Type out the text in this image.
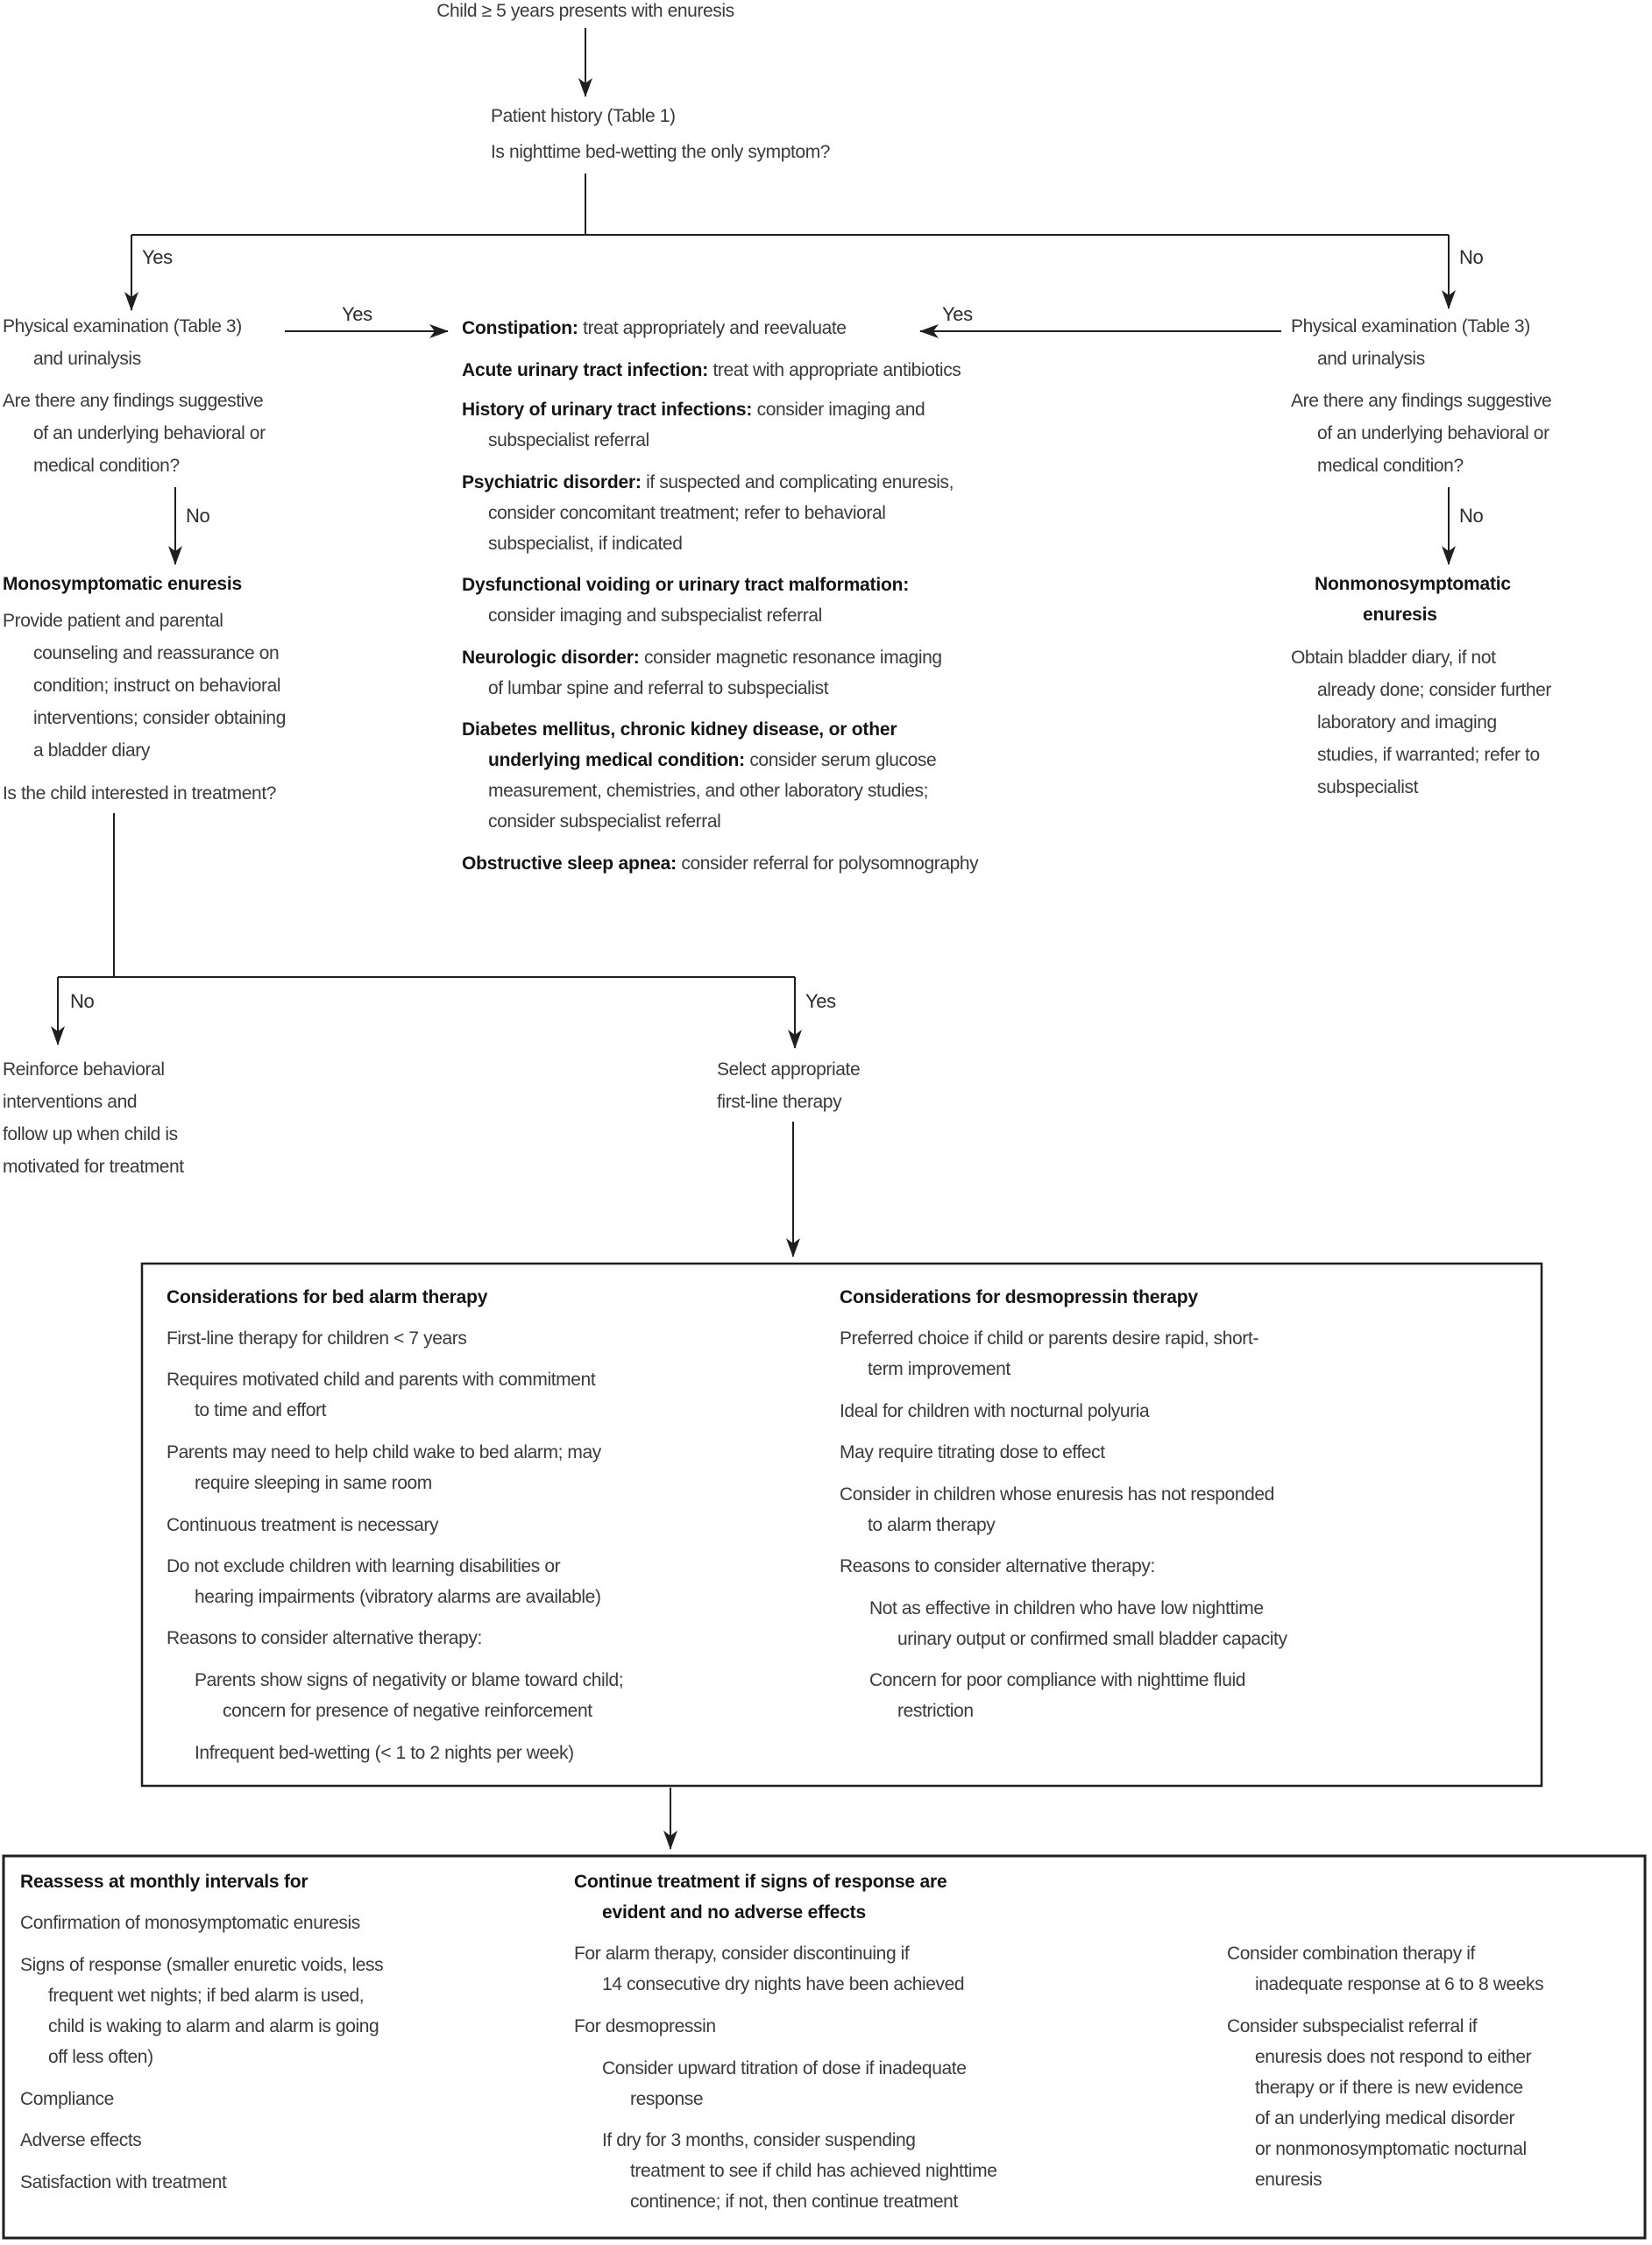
Child ≥ 5 years presents with enuresis
Patient history (Table 1)
Is nighttime bed-wetting the only symptom?
Yes	No
Physical examination (Table 3)
and urinalysis
Are there any findings suggestive
of an underlying behavioral or
medical condition?
No
Monosymptomatic enuresis
Provide patient and parental
counseling and reassurance on
condition; instruct on behavioral
interventions; consider obtaining
a bladder diary
Is the child interested in treatment?
Yes	Yes
Constipation: treat appropriately and reevaluate
Acute urinary tract infection: treat with appropriate antibiotics
History of urinary tract infections: consider imaging and
subspecialist referral
Psychiatric disorder: if suspected and complicating enuresis,
consider concomitant treatment; refer to behavioral
subspecialist, if indicated
Dysfunctional voiding or urinary tract malformation:
consider imaging and subspecialist referral
Neurologic disorder: consider magnetic resonance imaging
of lumbar spine and referral to subspecialist
Diabetes mellitus, chronic kidney disease, or other
underlying medical condition: consider serum glucose
measurement, chemistries, and other laboratory studies;
consider subspecialist referral
Obstructive sleep apnea: consider referral for polysomnography
Physical examination (Table 3)
and urinalysis
Are there any findings suggestive
of an underlying behavioral or
medical condition?
No
Nonmonosymptomatic
enuresis
Obtain bladder diary, if not
already done; consider further
laboratory and imaging
studies, if warranted; refer to
subspecialist
No	Yes
Reinforce behavioral
interventions and
follow up when child is
motivated for treatment
Select appropriate
first-line therapy
Considerations for bed alarm therapy
First-line therapy for children < 7 years
Requires motivated child and parents with commitment
to time and effort
Parents may need to help child wake to bed alarm; may
require sleeping in same room
Continuous treatment is necessary
Do not exclude children with learning disabilities or
hearing impairments (vibratory alarms are available)
Reasons to consider alternative therapy:
Parents show signs of negativity or blame toward child;
concern for presence of negative reinforcement
Infrequent bed-wetting (< 1 to 2 nights per week)
Considerations for desmopressin therapy
Preferred choice if child or parents desire rapid, short-
term improvement
Ideal for children with nocturnal polyuria
May require titrating dose to effect
Consider in children whose enuresis has not responded
to alarm therapy
Reasons to consider alternative therapy:
Not as effective in children who have low nighttime
urinary output or confirmed small bladder capacity
Concern for poor compliance with nighttime fluid
restriction
Reassess at monthly intervals for
Confirmation of monosymptomatic enuresis
Signs of response (smaller enuretic voids, less
frequent wet nights; if bed alarm is used,
child is waking to alarm and alarm is going
off less often)
Compliance
Adverse effects
Satisfaction with treatment
Continue treatment if signs of response are
evident and no adverse effects
For alarm therapy, consider discontinuing if
14 consecutive dry nights have been achieved
For desmopressin
Consider upward titration of dose if inadequate
response
If dry for 3 months, consider suspending
treatment to see if child has achieved nighttime
continence; if not, then continue treatment
Consider combination therapy if
inadequate response at 6 to 8 weeks
Consider subspecialist referral if
enuresis does not respond to either
therapy or if there is new evidence
of an underlying medical disorder
or nonmonosymptomatic nocturnal
enuresis
